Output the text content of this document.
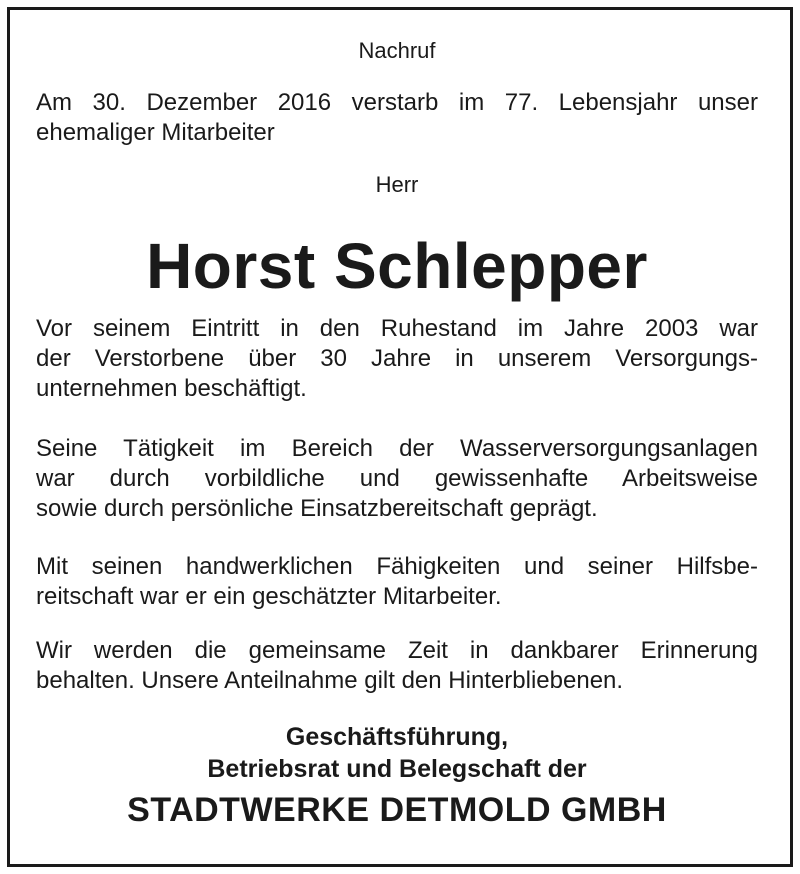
Nachruf
Am 30. Dezember 2016 verstarb im 77. Lebensjahr unser
ehemaliger Mitarbeiter
Herr
Horst Schlepper
Vor seinem Eintritt in den Ruhestand im Jahre 2003 war
der Verstorbene über 30 Jahre in unserem Versorgungs-
unternehmen beschäftigt.
Seine Tätigkeit im Bereich der Wasserversorgungsanlagen
war durch vorbildliche und gewissenhafte Arbeitsweise
sowie durch persönliche Einsatzbereitschaft geprägt.
Mit seinen handwerklichen Fähigkeiten und seiner Hilfsbe-
reitschaft war er ein geschätzter Mitarbeiter.
Wir werden die gemeinsame Zeit in dankbarer Erinnerung
behalten. Unsere Anteilnahme gilt den Hinterbliebenen.
Geschäftsführung,
Betriebsrat und Belegschaft der
STADTWERKE DETMOLD GMBH
